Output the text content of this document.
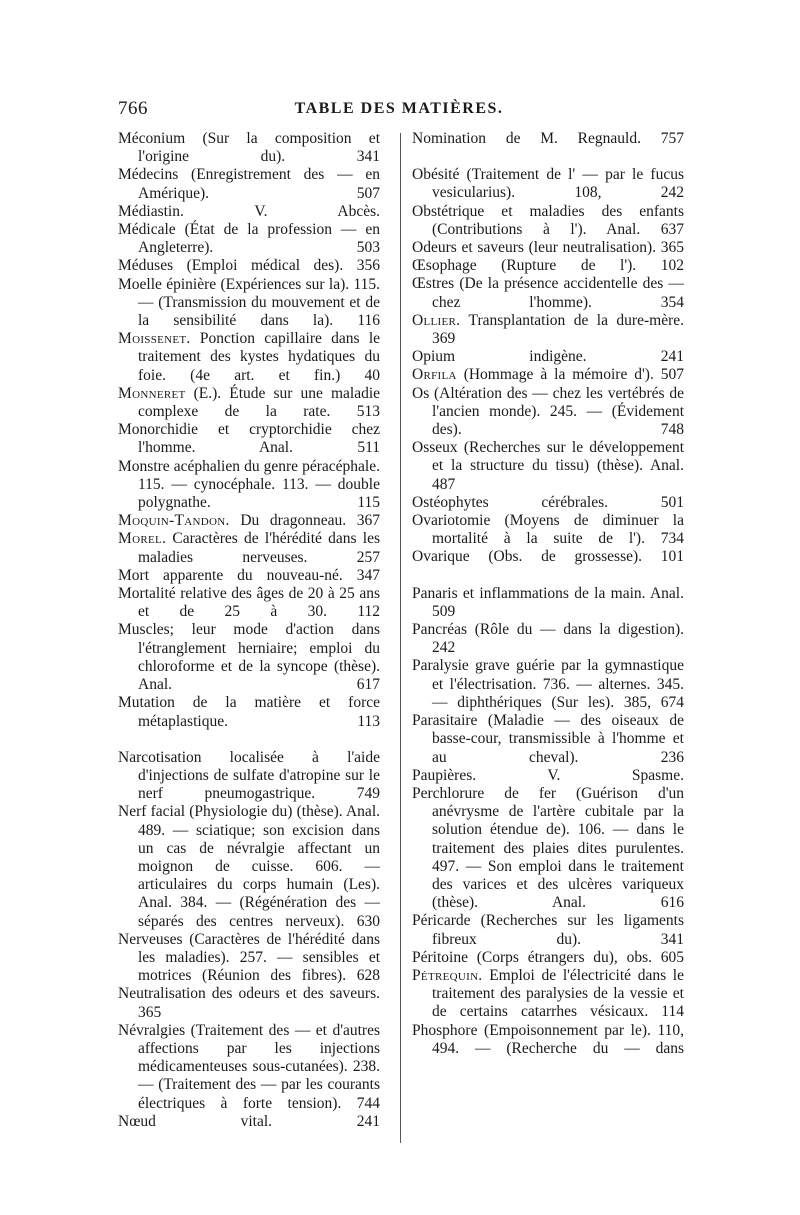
766	TABLE DES MATIÈRES.

Méconium (Sur la composition et l'origine du). 341

Médecins (Enregistrement des — en Amérique). 507

Médiastin. V. Abcès.

Médicale (État de la profession — en Angleterre). 503

Méduses (Emploi médical des). 356

Moelle épinière (Expériences sur la). 115. — (Transmission du mouvement et de la sensibilité dans la). 116

Moissenet. Ponction capillaire dans le traitement des kystes hydatiques du foie. (4e art. et fin.) 40

Monneret (E.). Étude sur une maladie complexe de la rate. 513

Monorchidie et cryptorchidie chez l'homme. Anal. 511

Monstre acéphalien du genre péracéphale. 115. — cynocéphale. 113. — double polygnathe. 115

Moquin-Tandon. Du dragonneau. 367

Morel. Caractères de l'hérédité dans les maladies nerveuses. 257

Mort apparente du nouveau-né. 347

Mortalité relative des âges de 20 à 25 ans et de 25 à 30. 112

Muscles; leur mode d'action dans l'étranglement herniaire; emploi du chloroforme et de la syncope (thèse). Anal. 617

Mutation de la matière et force métaplastique. 113

Narcotisation localisée à l'aide d'injections de sulfate d'atropine sur le nerf pneumogastrique. 749

Nerf facial (Physiologie du) (thèse). Anal. 489. — sciatique; son excision dans un cas de névralgie affectant un moignon de cuisse. 606. — articulaires du corps humain (Les). Anal. 384. — (Régénération des — séparés des centres nerveux). 630

Nerveuses (Caractères de l'hérédité dans les maladies). 257. — sensibles et motrices (Réunion des fibres). 628

Neutralisation des odeurs et des saveurs. 365

Névralgies (Traitement des — et d'autres affections par les injections médicamenteuses sous-cutanées). 238. — (Traitement des — par les courants électriques à forte tension). 744

Nœud vital. 241

Nomination de M. Regnauld. 757

Obésité (Traitement de l' — par le fucus vesicularius). 108, 242

Obstétrique et maladies des enfants (Contributions à l'). Anal. 637

Odeurs et saveurs (leur neutralisation). 365

Œsophage (Rupture de l'). 102

Œstres (De la présence accidentelle des — chez l'homme). 354

Ollier. Transplantation de la dure-mère. 369

Opium indigène. 241

Orfila (Hommage à la mémoire d'). 507

Os (Altération des — chez les vertébrés de l'ancien monde). 245. — (Évidement des). 748

Osseux (Recherches sur le développement et la structure du tissu) (thèse). Anal. 487

Ostéophytes cérébrales. 501

Ovariotomie (Moyens de diminuer la mortalité à la suite de l'). 734

Ovarique (Obs. de grossesse). 101

Panaris et inflammations de la main. Anal. 509

Pancréas (Rôle du — dans la digestion). 242

Paralysie grave guérie par la gymnastique et l'électrisation. 736. — alternes. 345. — diphthériques (Sur les). 385, 674

Parasitaire (Maladie — des oiseaux de basse-cour, transmissible à l'homme et au cheval). 236

Paupières. V. Spasme.

Perchlorure de fer (Guérison d'un anévrysme de l'artère cubitale par la solution étendue de). 106. — dans le traitement des plaies dites purulentes. 497. — Son emploi dans le traitement des varices et des ulcères variqueux (thèse). Anal. 616

Péricarde (Recherches sur les ligaments fibreux du). 341

Péritoine (Corps étrangers du), obs. 605

Pétrequin. Emploi de l'électricité dans le traitement des paralysies de la vessie et de certains catarrhes vésicaux. 114

Phosphore (Empoisonnement par le). 110, 494. — (Recherche du — dans
